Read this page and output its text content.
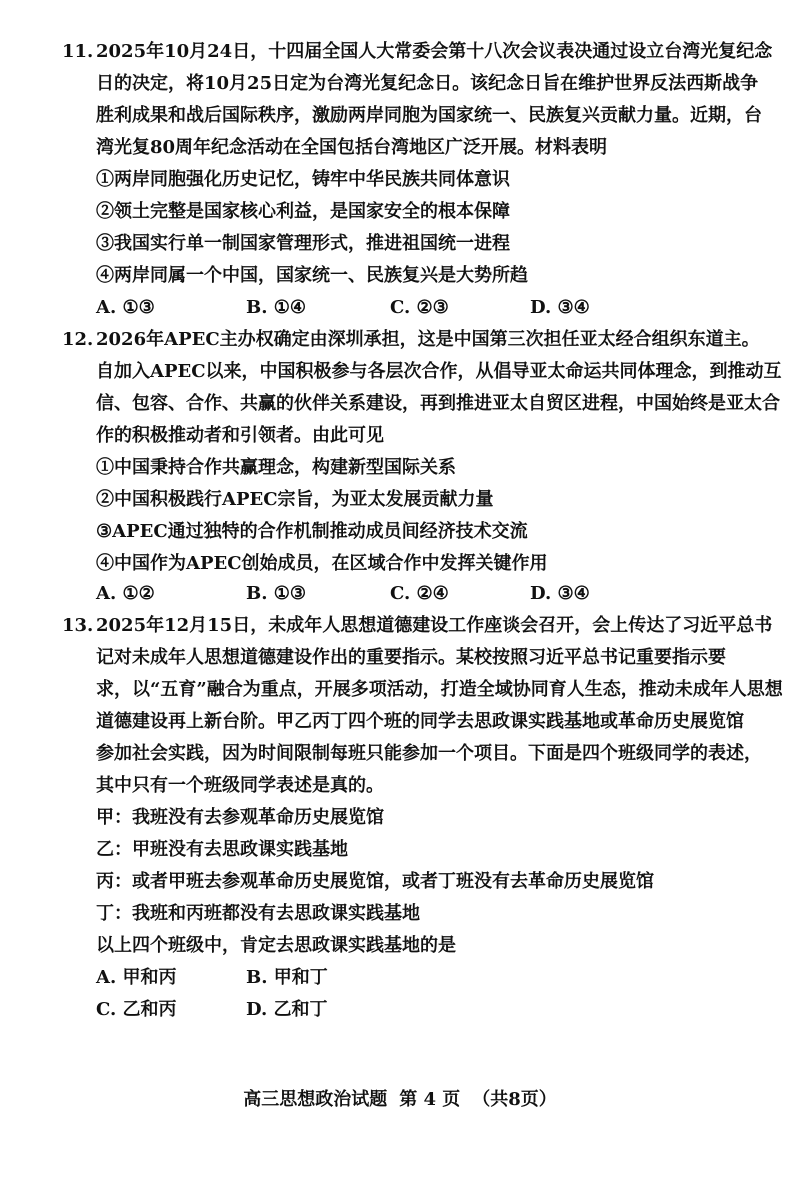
11. 2025年10月24日，十四届全国人大常委会第十八次会议表决通过设立台湾光复纪念
日的决定，将10月25日定为台湾光复纪念日。该纪念日旨在维护世界反法西斯战争
胜利成果和战后国际秩序，激励两岸同胞为国家统一、民族复兴贡献力量。近期，台
湾光复80周年纪念活动在全国包括台湾地区广泛开展。材料表明
①两岸同胞强化历史记忆，铸牢中华民族共同体意识
②领土完整是国家核心利益，是国家安全的根本保障
③我国实行单一制国家管理形式，推进祖国统一进程
④两岸同属一个中国，国家统一、民族复兴是大势所趋
A. ①③	B. ①④	C. ②③	D. ③④
12. 2026年APEC主办权确定由深圳承担，这是中国第三次担任亚太经合组织东道主。
自加入APEC以来，中国积极参与各层次合作，从倡导亚太命运共同体理念，到推动互
信、包容、合作、共赢的伙伴关系建设，再到推进亚太自贸区进程，中国始终是亚太合
作的积极推动者和引领者。由此可见
①中国秉持合作共赢理念，构建新型国际关系
②中国积极践行APEC宗旨，为亚太发展贡献力量
③APEC通过独特的合作机制推动成员间经济技术交流
④中国作为APEC创始成员，在区域合作中发挥关键作用
A. ①②	B. ①③	C. ②④	D. ③④
13. 2025年12月15日，未成年人思想道德建设工作座谈会召开，会上传达了习近平总书
记对未成年人思想道德建设作出的重要指示。某校按照习近平总书记重要指示要
求，以“五育”融合为重点，开展多项活动，打造全域协同育人生态，推动未成年人思想
道德建设再上新台阶。甲乙丙丁四个班的同学去思政课实践基地或革命历史展览馆
参加社会实践，因为时间限制每班只能参加一个项目。下面是四个班级同学的表述，
其中只有一个班级同学表述是真的。
甲：我班没有去参观革命历史展览馆
乙：甲班没有去思政课实践基地
丙：或者甲班去参观革命历史展览馆，或者丁班没有去革命历史展览馆
丁：我班和丙班都没有去思政课实践基地
以上四个班级中，肯定去思政课实践基地的是
A. 甲和丙	B. 甲和丁
C. 乙和丙	D. 乙和丁
高三思想政治试题 第 4 页 （共8页）
